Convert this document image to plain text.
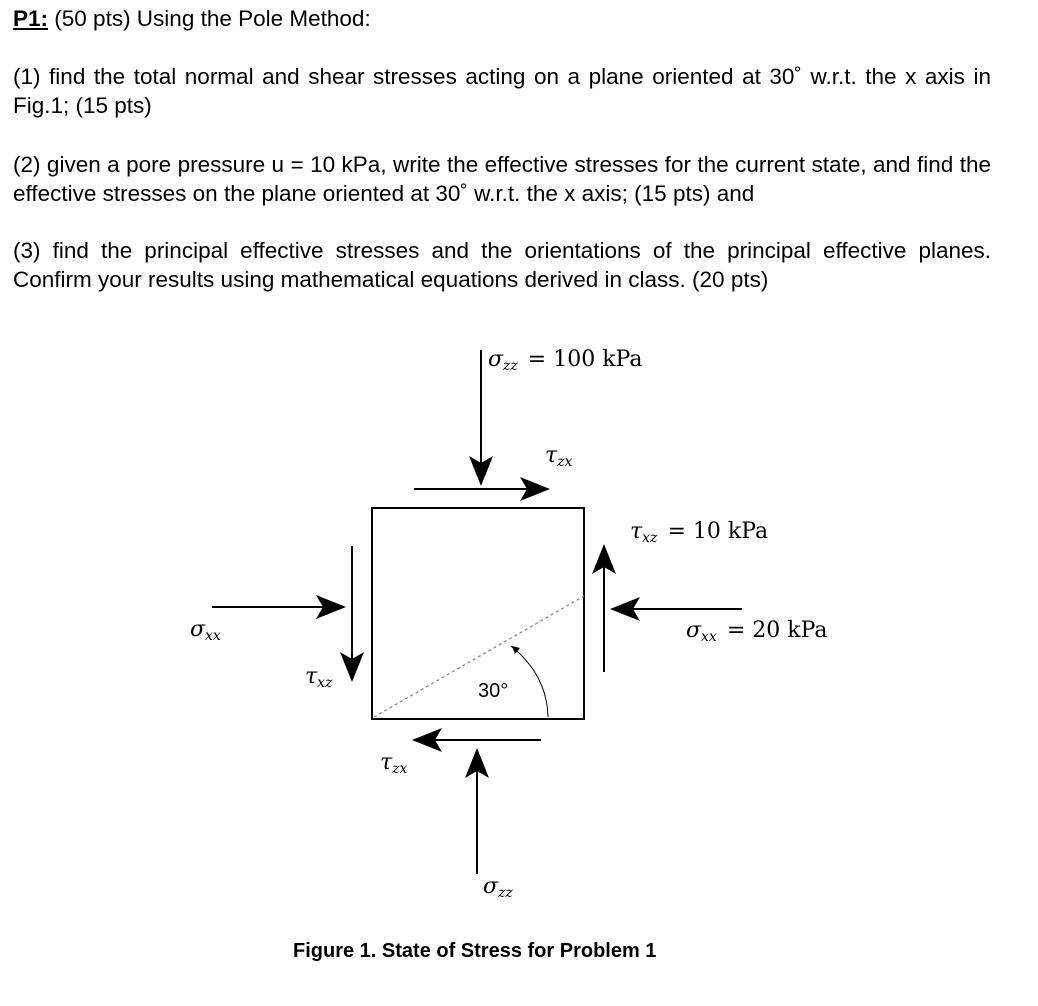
P1: (50 pts) Using the Pole Method:
(1) find the total normal and shear stresses acting on a plane oriented at 30˚ w.r.t. the x axis in Fig.1; (15 pts)
(2) given a pore pressure u = 10 kPa, write the effective stresses for the current state, and find the effective stresses on the plane oriented at 30˚ w.r.t. the x axis; (15 pts) and
(3) find the principal effective stresses and the orientations of the principal effective planes. Confirm your results using mathematical equations derived in class. (20 pts)
30°
σzz = 100 kPa
τzx
τxz = 10 kPa
σxx	σxx = 20 kPa
τxz
τzx
σzz
Figure 1. State of Stress for Problem 1
